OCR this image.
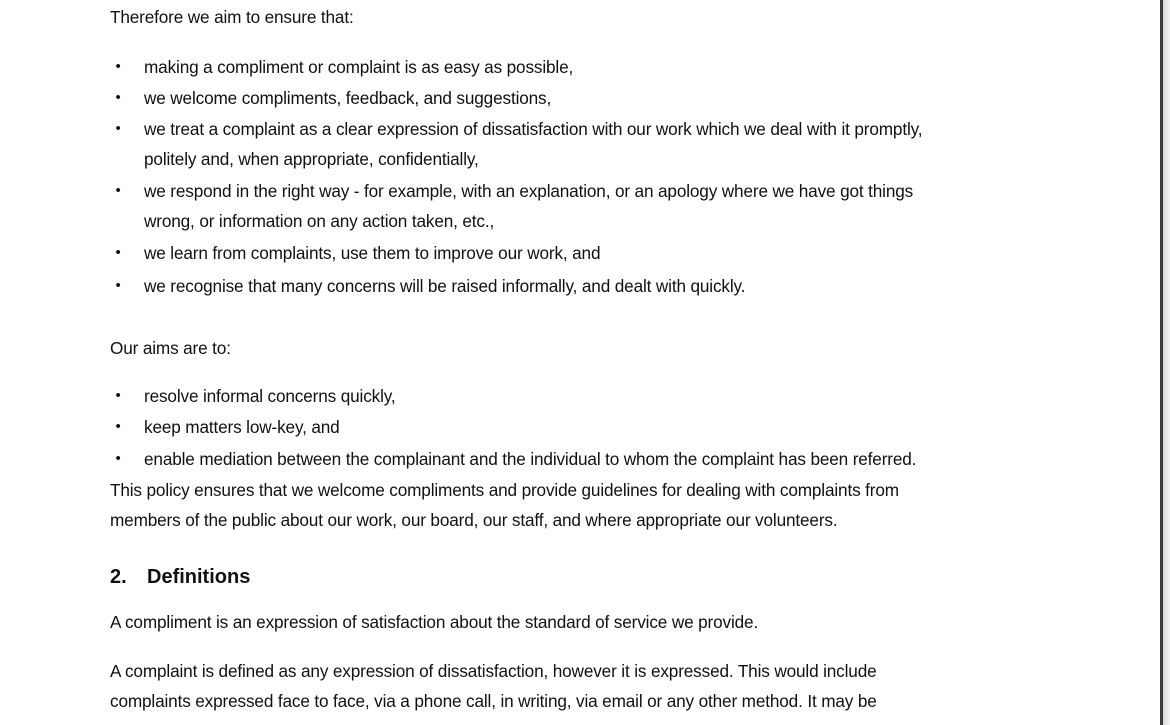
Therefore we aim to ensure that:

• making a compliment or complaint is as easy as possible,
• we welcome compliments, feedback, and suggestions,
• we treat a complaint as a clear expression of dissatisfaction with our work which we deal with it promptly,
politely and, when appropriate, confidentially,
• we respond in the right way - for example, with an explanation, or an apology where we have got things
wrong, or information on any action taken, etc.,
• we learn from complaints, use them to improve our work, and
• we recognise that many concerns will be raised informally, and dealt with quickly.

Our aims are to:

• resolve informal concerns quickly,
• keep matters low-key, and
• enable mediation between the complainant and the individual to whom the complaint has been referred.

This policy ensures that we welcome compliments and provide guidelines for dealing with complaints from

members of the public about our work, our board, our staff, and where appropriate our volunteers.

2. Definitions

A compliment is an expression of satisfaction about the standard of service we provide.

A complaint is defined as any expression of dissatisfaction, however it is expressed. This would include

complaints expressed face to face, via a phone call, in writing, via email or any other method. It may be
